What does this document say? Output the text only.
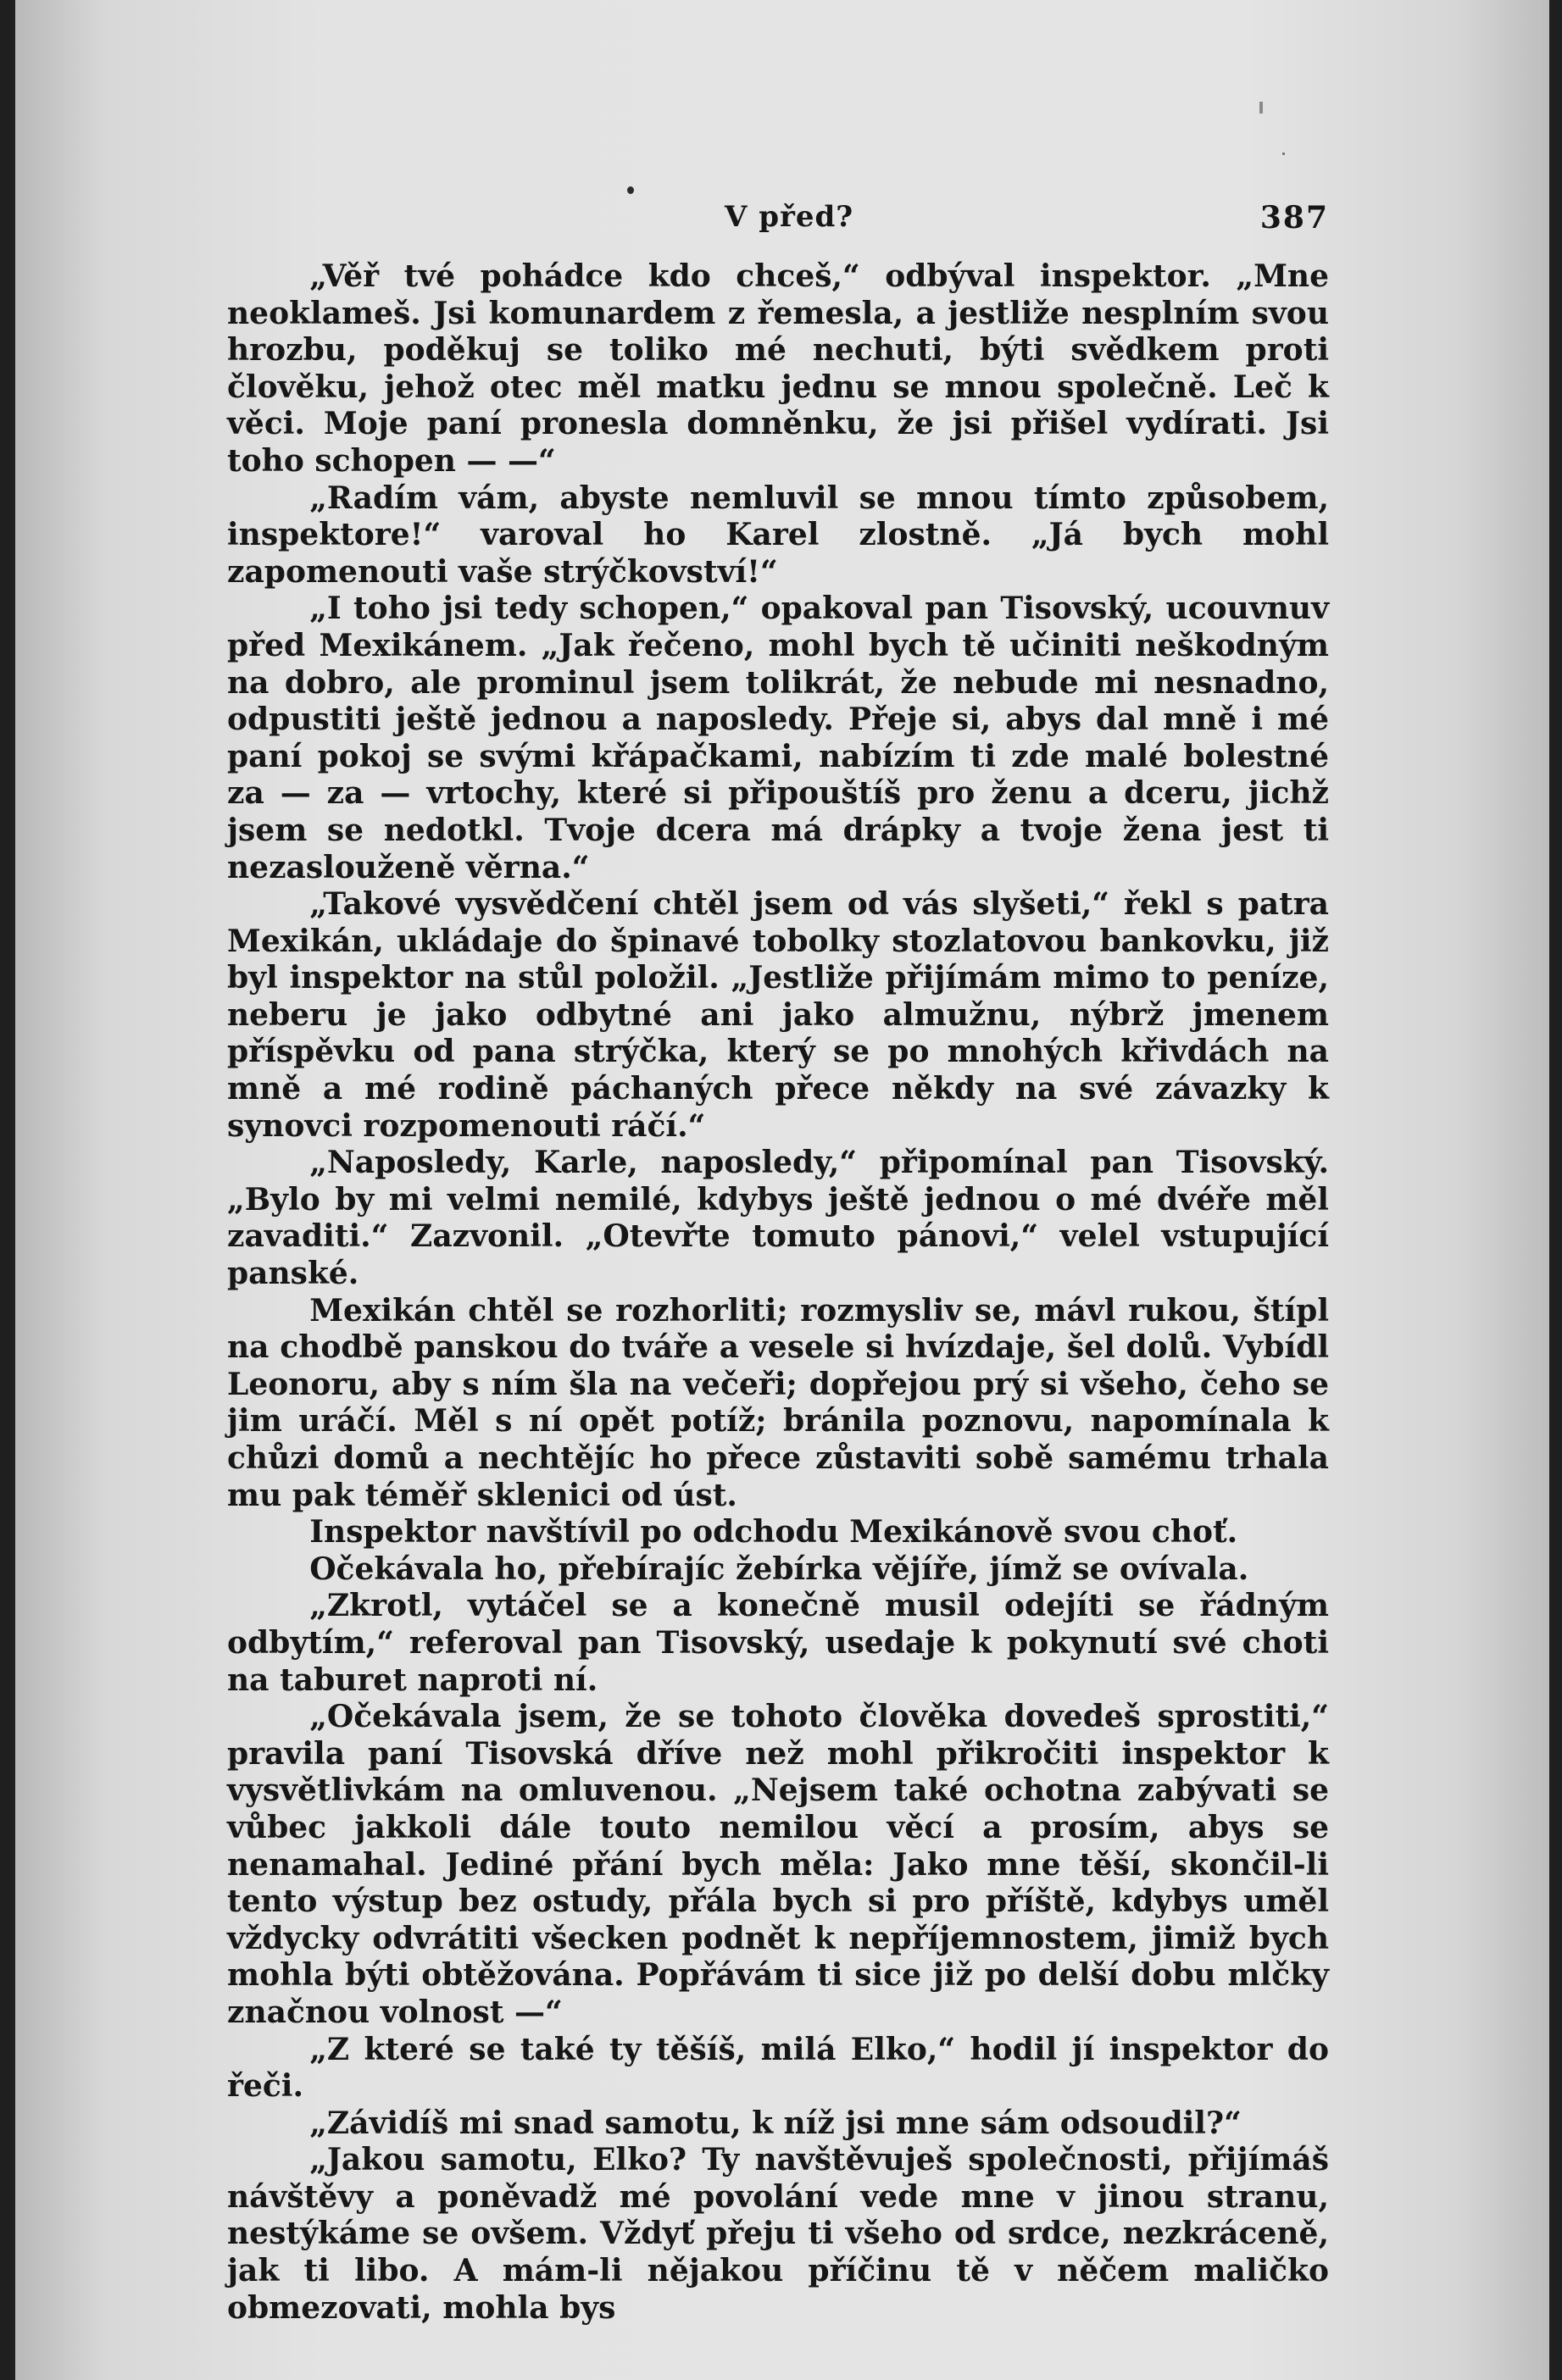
V před?	387

„Věř tvé pohádce kdo chceš,“ odbýval inspektor. „Mne neoklameš. Jsi komunardem z řemesla, a jestliže nesplním svou hrozbu, poděkuj se toliko mé nechuti, býti svědkem proti člověku, jehož otec měl matku jednu se mnou společně. Leč k věci. Moje paní pronesla domněnku, že jsi přišel vydírati. Jsi toho schopen — —“

„Radím vám, abyste nemluvil se mnou tímto způsobem, inspektore!“ varoval ho Karel zlostně. „Já bych mohl zapomenouti vaše strýčkovství!“

„I toho jsi tedy schopen,“ opakoval pan Tisovský, ucouvnuv před Mexikánem. „Jak řečeno, mohl bych tě učiniti neškodným na dobro, ale prominul jsem tolikrát, že nebude mi nesnadno, odpustiti ještě jednou a naposledy. Přeje si, abys dal mně i mé paní pokoj se svými křápačkami, nabízím ti zde malé bolestné za — za — vrtochy, které si připouštíš pro ženu a dceru, jichž jsem se nedotkl. Tvoje dcera má drápky a tvoje žena jest ti nezaslouženě věrna.“

„Takové vysvědčení chtěl jsem od vás slyšeti,“ řekl s patra Mexikán, ukládaje do špinavé tobolky stozlatovou bankovku, již byl inspektor na stůl položil. „Jestliže přijímám mimo to peníze, neberu je jako odbytné ani jako almužnu, nýbrž jmenem příspěvku od pana strýčka, který se po mnohých křivdách na mně a mé rodině páchaných přece někdy na své závazky k synovci rozpomenouti ráčí.“

„Naposledy, Karle, naposledy,“ připomínal pan Tisovský. „Bylo by mi velmi nemilé, kdybys ještě jednou o mé dvéře měl zavaditi.“ Zazvonil. „Otevřte tomuto pánovi,“ velel vstupující panské.

Mexikán chtěl se rozhorliti; rozmysliv se, mávl rukou, štípl na chodbě panskou do tváře a vesele si hvízdaje, šel dolů. Vybídl Leonoru, aby s ním šla na večeři; dopřejou prý si všeho, čeho se jim uráčí. Měl s ní opět potíž; bránila poznovu, napomínala k chůzi domů a nechtějíc ho přece zůstaviti sobě samému trhala mu pak téměř sklenici od úst.

Inspektor navštívil po odchodu Mexikánově svou choť.

Očekávala ho, přebírajíc žebírka vějíře, jímž se ovívala.

„Zkrotl, vytáčel se a konečně musil odejíti se řádným odbytím,“ referoval pan Tisovský, usedaje k pokynutí své choti na taburet naproti ní.

„Očekávala jsem, že se tohoto člověka dovedeš sprostiti,“ pravila paní Tisovská dříve než mohl přikročiti inspektor k vysvětlivkám na omluvenou. „Nejsem také ochotna zabývati se vůbec jakkoli dále touto nemilou věcí a prosím, abys se nenamahal. Jediné přání bych měla: Jako mne těší, skončil-li tento výstup bez ostudy, přála bych si pro příště, kdybys uměl vždycky odvrátiti všecken podnět k nepříjemnostem, jimiž bych mohla býti obtěžována. Popřávám ti sice již po delší dobu mlčky značnou volnost —“

„Z které se také ty těšíš, milá Elko,“ hodil jí inspektor do řeči.

„Závidíš mi snad samotu, k níž jsi mne sám odsoudil?“

„Jakou samotu, Elko? Ty navštěvuješ společnosti, přijímáš návštěvy a poněvadž mé povolání vede mne v jinou stranu, nestýkáme se ovšem. Vždyť přeju ti všeho od srdce, nezkráceně, jak ti libo. A mám-li nějakou příčinu tě v něčem maličko obmezovati, mohla bys
